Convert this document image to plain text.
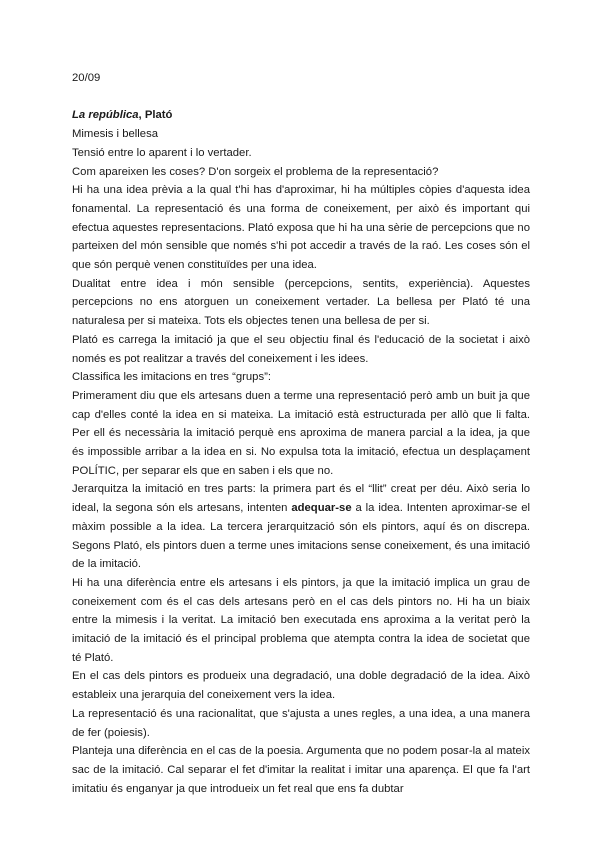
20/09
La república, Plató
Mimesis i bellesa
Tensió entre lo aparent i lo vertader.
Com apareixen les coses? D'on sorgeix el problema de la representació?

Hi ha una idea prèvia a la qual t'hi has d'aproximar, hi ha múltiples còpies d'aquesta idea fonamental. La representació és una forma de coneixement, per això és important qui efectua aquestes representacions. Plató exposa que hi ha una sèrie de percepcions que no parteixen del món sensible que només s'hi pot accedir a través de la raó. Les coses són el que són perquè venen constituïdes per una idea.

Dualitat entre idea i món sensible (percepcions, sentits, experiència). Aquestes percepcions no ens atorguen un coneixement vertader. La bellesa per Plató té una naturalesa per si mateixa. Tots els objectes tenen una bellesa de per si.

Plató es carrega la imitació ja que el seu objectiu final és l'educació de la societat i això només es pot realitzar a través del coneixement i les idees.

Classifica les imitacions en tres “grups”:

Primerament diu que els artesans duen a terme una representació però amb un buit ja que cap d'elles conté la idea en si mateixa. La imitació està estructurada per allò que li falta. Per ell és necessària la imitació perquè ens aproxima de manera parcial a la idea, ja que és impossible arribar a la idea en si. No expulsa tota la imitació, efectua un desplaçament POLÍTIC, per separar els que en saben i els que no.

Jerarquitza la imitació en tres parts: la primera part és el “llit” creat per déu. Això seria lo ideal, la segona són els artesans, intenten adequar-se a la idea. Intenten aproximar-se el màxim possible a la idea. La tercera jerarquització són els pintors, aquí és on discrepa. Segons Plató, els pintors duen a terme unes imitacions sense coneixement, és una imitació de la imitació.

Hi ha una diferència entre els artesans i els pintors, ja que la imitació implica un grau de coneixement com és el cas dels artesans però en el cas dels pintors no. Hi ha un biaix entre la mimesis i la veritat. La imitació ben executada ens aproxima a la veritat però la imitació de la imitació és el principal problema que atempta contra la idea de societat que té Plató.

En el cas dels pintors es produeix una degradació, una doble degradació de la idea. Això estableix una jerarquia del coneixement vers la idea.

La representació és una racionalitat, que s'ajusta a unes regles, a una idea, a una manera de fer (poiesis).

Planteja una diferència en el cas de la poesia. Argumenta que no podem posar-la al mateix sac de la imitació. Cal separar el fet d'imitar la realitat i imitar una aparença. El que fa l'art imitatiu és enganyar ja que introdueix un fet real que ens fa dubtar
